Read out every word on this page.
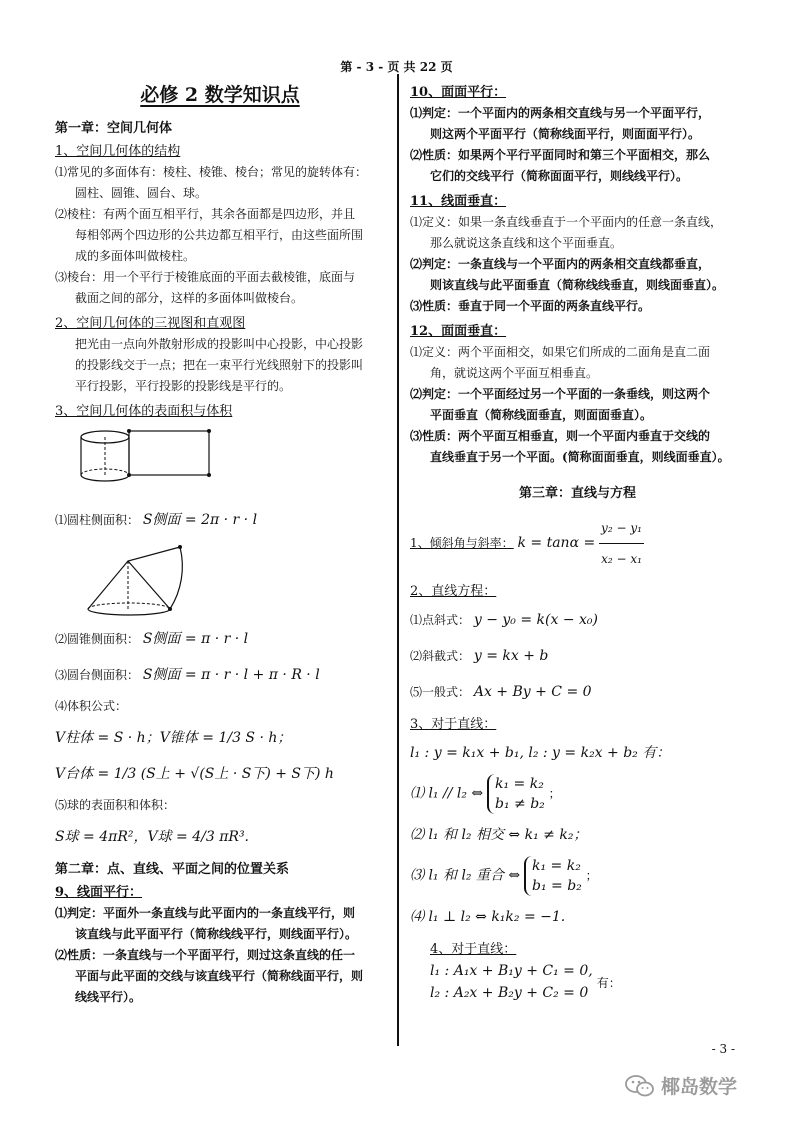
第 - 3 - 页 共 22 页
必修 2 数学知识点
第一章：空间几何体
1、空间几何体的结构

⑴常见的多面体有：棱柱、棱锥、棱台；常见的旋转体有：

圆柱、圆锥、圆台、球。

⑵棱柱：有两个面互相平行，其余各面都是四边形，并且

每相邻两个四边形的公共边都互相平行，由这些面所围

成的多面体叫做棱柱。

⑶棱台：用一个平行于棱锥底面的平面去截棱锥，底面与

截面之间的部分，这样的多面体叫做棱台。

2、空间几何体的三视图和直观图

把光由一点向外散射形成的投影叫中心投影，中心投影

的投影线交于一点；把在一束平行光线照射下的投影叫

平行投影，平行投影的投影线是平行的。

3、空间几何体的表面积与体积
⑴圆柱侧面积： S侧面 = 2π · r · l
⑵圆锥侧面积： S侧面 = π · r · l
⑶圆台侧面积： S侧面 = π · r · l + π · R · l
⑷体积公式：
V柱体 = S · h；V锥体 = 1/3 S · h；
V台体 = 1/3 (S上 + √(S上 · S下) + S下) h
⑸球的表面积和体积：
S球 = 4πR²，V球 = 4/3 πR³.
第二章：点、直线、平面之间的位置关系
9、线面平行：

⑴判定：平面外一条直线与此平面内的一条直线平行，则

该直线与此平面平行（简称线线平行，则线面平行）。

⑵性质：一条直线与一个平面平行，则过这条直线的任一

平面与此平面的交线与该直线平行（简称线面平行，则

线线平行）。

10、面面平行：

⑴判定：一个平面内的两条相交直线与另一个平面平行，

则这两个平面平行（简称线面平行，则面面平行）。

⑵性质：如果两个平行平面同时和第三个平面相交，那么

它们的交线平行（简称面面平行，则线线平行）。

11、线面垂直：

⑴定义：如果一条直线垂直于一个平面内的任意一条直线，

那么就说这条直线和这个平面垂直。

⑵判定：一条直线与一个平面内的两条相交直线都垂直，

则该直线与此平面垂直（简称线线垂直，则线面垂直）。

⑶性质：垂直于同一个平面的两条直线平行。

12、面面垂直：

⑴定义：两个平面相交，如果它们所成的二面角是直二面

角，就说这两个平面互相垂直。

⑵判定：一个平面经过另一个平面的一条垂线，则这两个

平面垂直（简称线面垂直，则面面垂直）。

⑶性质：两个平面互相垂直，则一个平面内垂直于交线的

直线垂直于另一个平面。(简称面面垂直，则线面垂直）。

第三章：直线与方程
1、倾斜角与斜率： $k = \tan\alpha = \frac{\text{y₂ − y₁}}{\text{x₂ − x₁}}$
2、直线方程：
⑴点斜式： y − y₀ = k(x − x₀)
⑵斜截式： y = kx + b
⑸一般式： Ax + By + C = 0
3、对于直线：
l₁ : y = k₁x + b₁, l₂ : y = k₂x + b₂ 有：
⑴ l₁ // l₂ ⇔
k₁ = k₂
b₁ ≠ b₂
；
⑵ l₁ 和 l₂ 相交 ⇔ k₁ ≠ k₂；
⑶ l₁ 和 l₂ 重合 ⇔
k₁ = k₂
b₁ = b₂
；
⑷ l₁ ⊥ l₂ ⇔ k₁k₂ = −1.
4、对于直线：
l₁ : A₁x + B₁y + C₁ = 0,
l₂ : A₂x + B₂y + C₂ = 0
有：
- 3 -
椰岛数学
